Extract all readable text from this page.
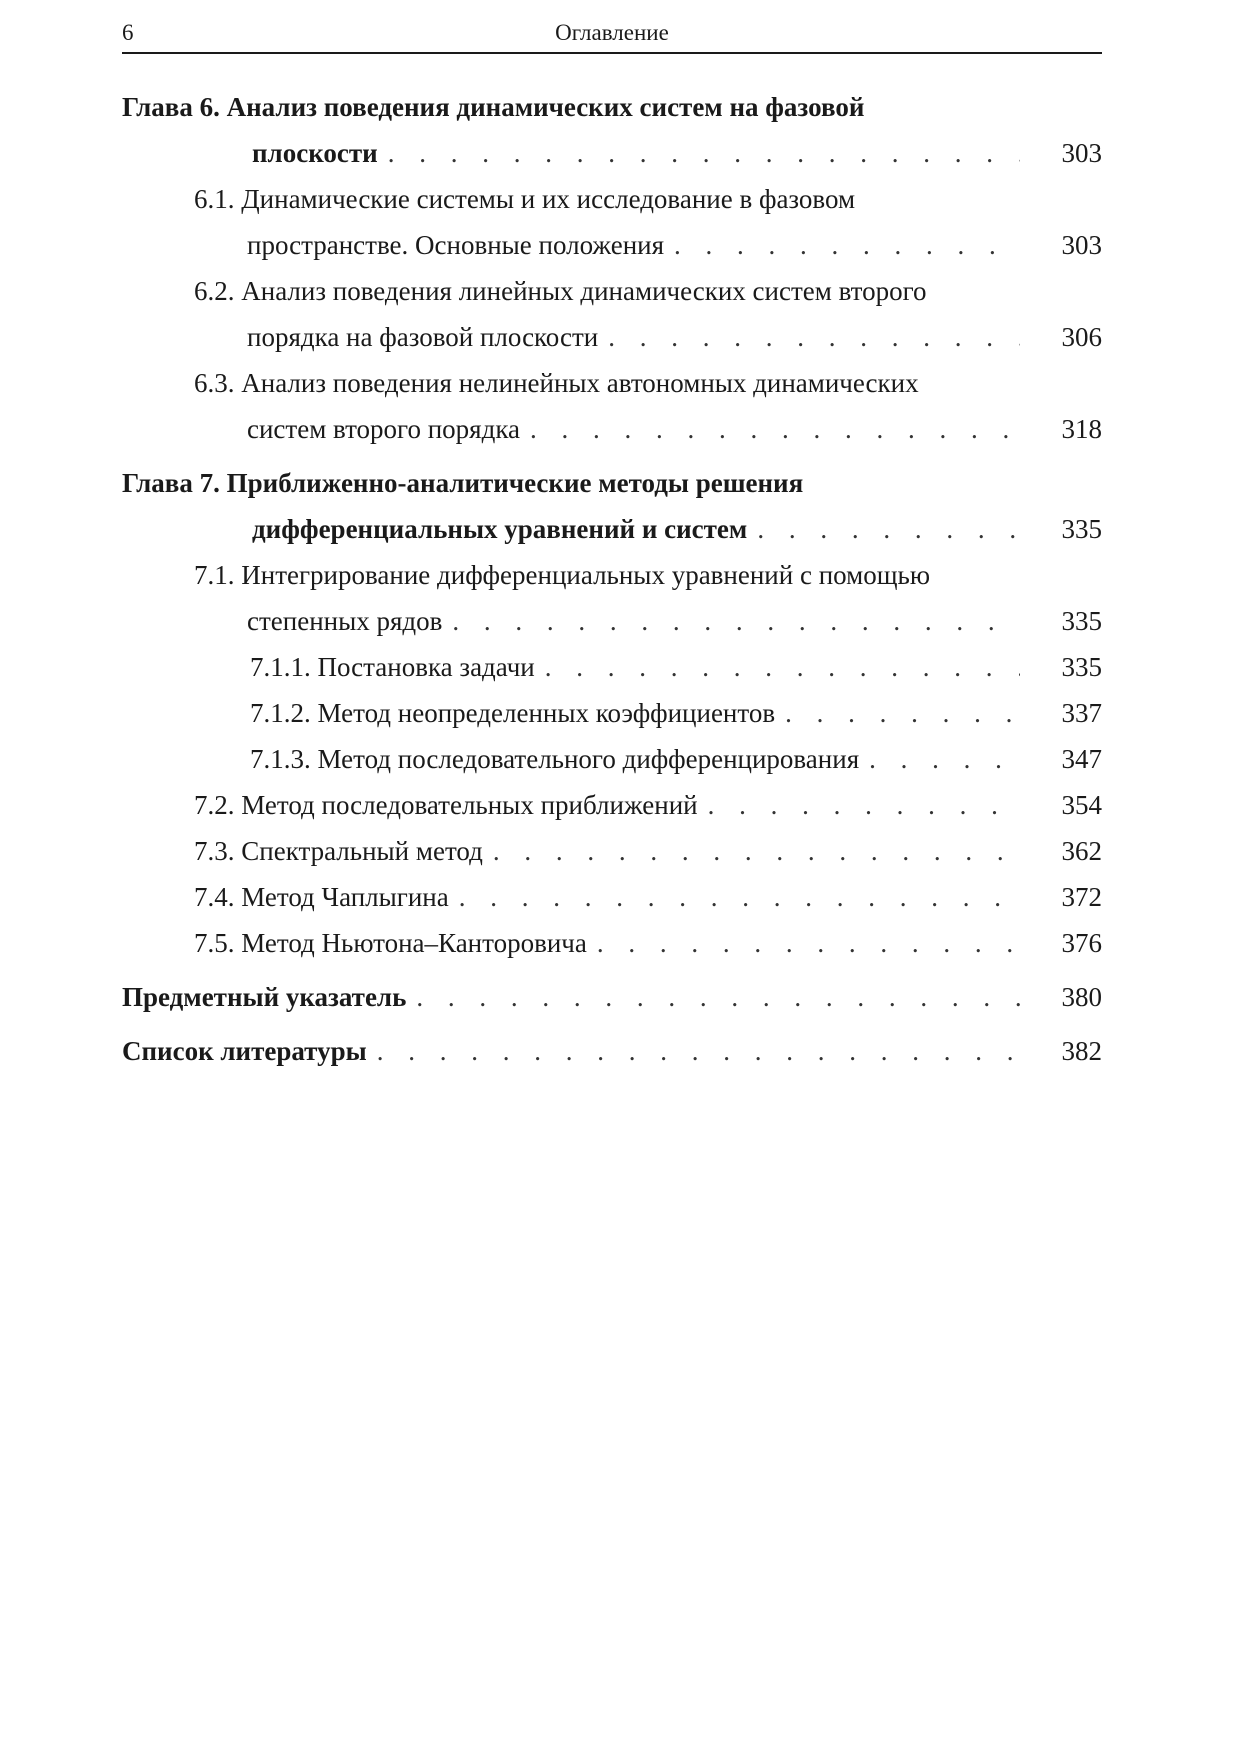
6	Оглавление
Глава 6. Анализ поведения динамических систем на фазовой
плоскости . . .	303
6.1. Динамические системы и их исследование в фазовом
пространстве. Основные положения . . .	303
6.2. Анализ поведения линейных динамических систем второго
порядка на фазовой плоскости . . .	306
6.3. Анализ поведения нелинейных автономных динамических
систем второго порядка . . .	318
Глава 7. Приближенно-аналитические методы решения
дифференциальных уравнений и систем . . .	335
7.1. Интегрирование дифференциальных уравнений с помощью
степенных рядов . . .	335
7.1.1. Постановка задачи . . .	335
7.1.2. Метод неопределенных коэффициентов . . .	337
7.1.3. Метод последовательного дифференцирования . . .	347
7.2. Метод последовательных приближений . . .	354
7.3. Спектральный метод . . .	362
7.4. Метод Чаплыгина . . .	372
7.5. Метод Ньютона–Канторовича . . .	376
Предметный указатель . . .	380
Список литературы . . .	382
